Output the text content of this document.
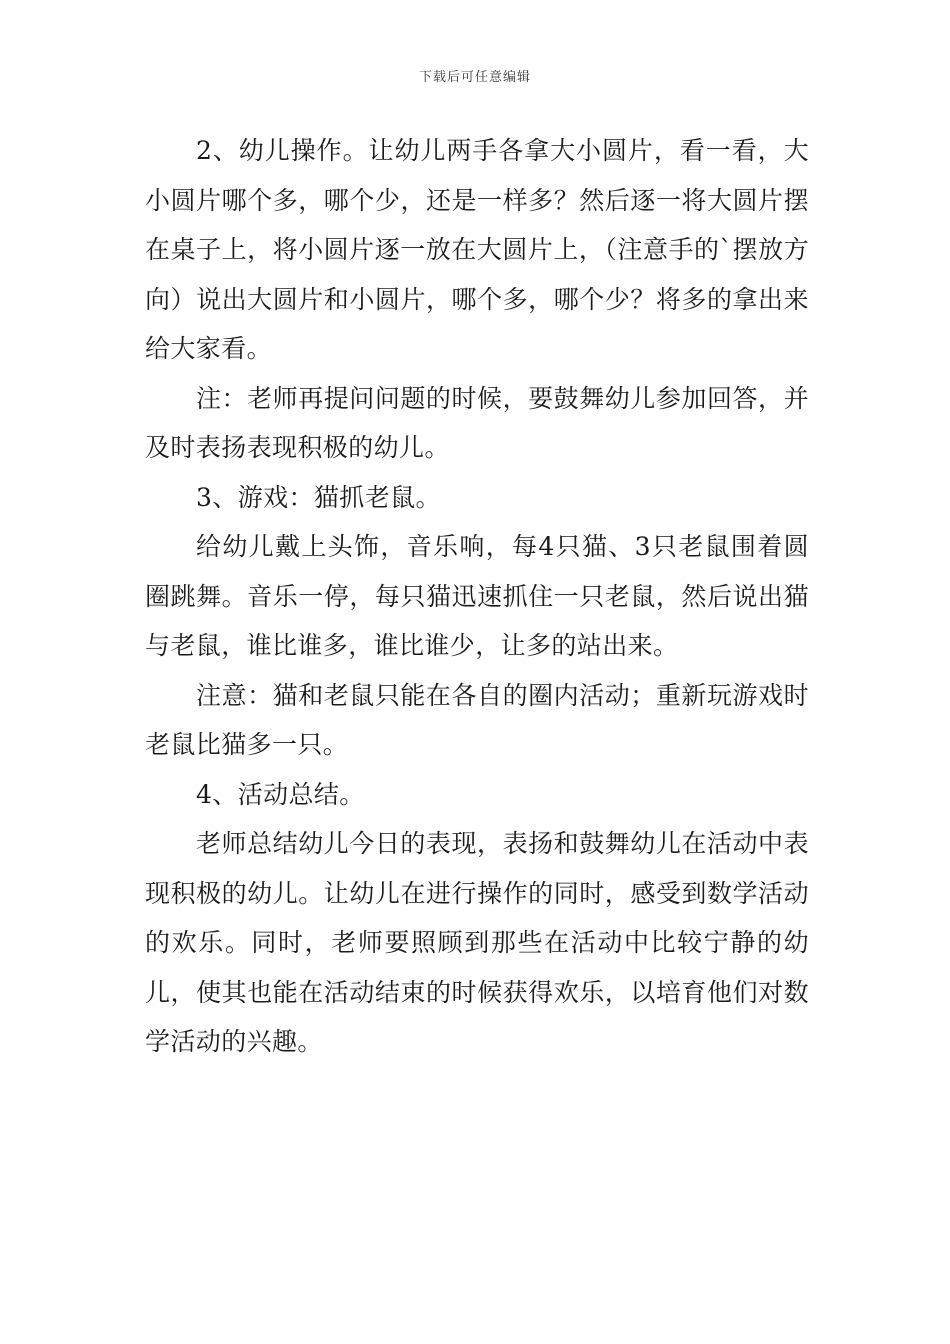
下载后可任意编辑

2、幼儿操作。让幼儿两手各拿大小圆片，看一看，大小圆片哪个多，哪个少，还是一样多？然后逐一将大圆片摆在桌子上，将小圆片逐一放在大圆片上，（注意手的`摆放方向）说出大圆片和小圆片，哪个多，哪个少？将多的拿出来给大家看。

注：老师再提问问题的时候，要鼓舞幼儿参加回答，并及时表扬表现积极的幼儿。

3、游戏：猫抓老鼠。

给幼儿戴上头饰，音乐响，每4只猫、3只老鼠围着圆圈跳舞。音乐一停，每只猫迅速抓住一只老鼠，然后说出猫与老鼠，谁比谁多，谁比谁少，让多的站出来。

注意：猫和老鼠只能在各自的圈内活动；重新玩游戏时老鼠比猫多一只。

4、活动总结。

老师总结幼儿今日的表现，表扬和鼓舞幼儿在活动中表现积极的幼儿。让幼儿在进行操作的同时，感受到数学活动的欢乐。同时，老师要照顾到那些在活动中比较宁静的幼儿，使其也能在活动结束的时候获得欢乐，以培育他们对数学活动的兴趣。
